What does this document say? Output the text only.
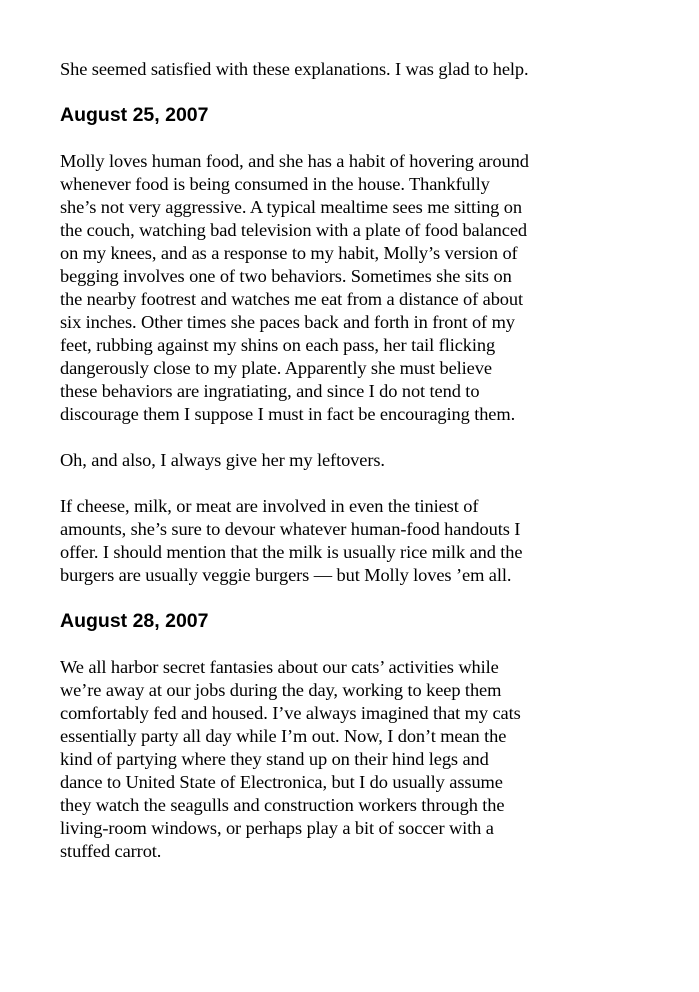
She seemed satisfied with these explanations. I was glad to help.

August 25, 2007

Molly loves human food, and she has a habit of hovering around
whenever food is being consumed in the house. Thankfully
she’s not very aggressive. A typical mealtime sees me sitting on
the couch, watching bad television with a plate of food balanced
on my knees, and as a response to my habit, Molly’s version of
begging involves one of two behaviors. Sometimes she sits on
the nearby footrest and watches me eat from a distance of about
six inches. Other times she paces back and forth in front of my
feet, rubbing against my shins on each pass, her tail flicking
dangerously close to my plate. Apparently she must believe
these behaviors are ingratiating, and since I do not tend to
discourage them I suppose I must in fact be encouraging them.

Oh, and also, I always give her my leftovers.

If cheese, milk, or meat are involved in even the tiniest of
amounts, she’s sure to devour whatever human-food handouts I
offer. I should mention that the milk is usually rice milk and the
burgers are usually veggie burgers — but Molly loves ’em all.

August 28, 2007

We all harbor secret fantasies about our cats’ activities while
we’re away at our jobs during the day, working to keep them
comfortably fed and housed. I’ve always imagined that my cats
essentially party all day while I’m out. Now, I don’t mean the
kind of partying where they stand up on their hind legs and
dance to United State of Electronica, but I do usually assume
they watch the seagulls and construction workers through the
living-room windows, or perhaps play a bit of soccer with a
stuffed carrot.
